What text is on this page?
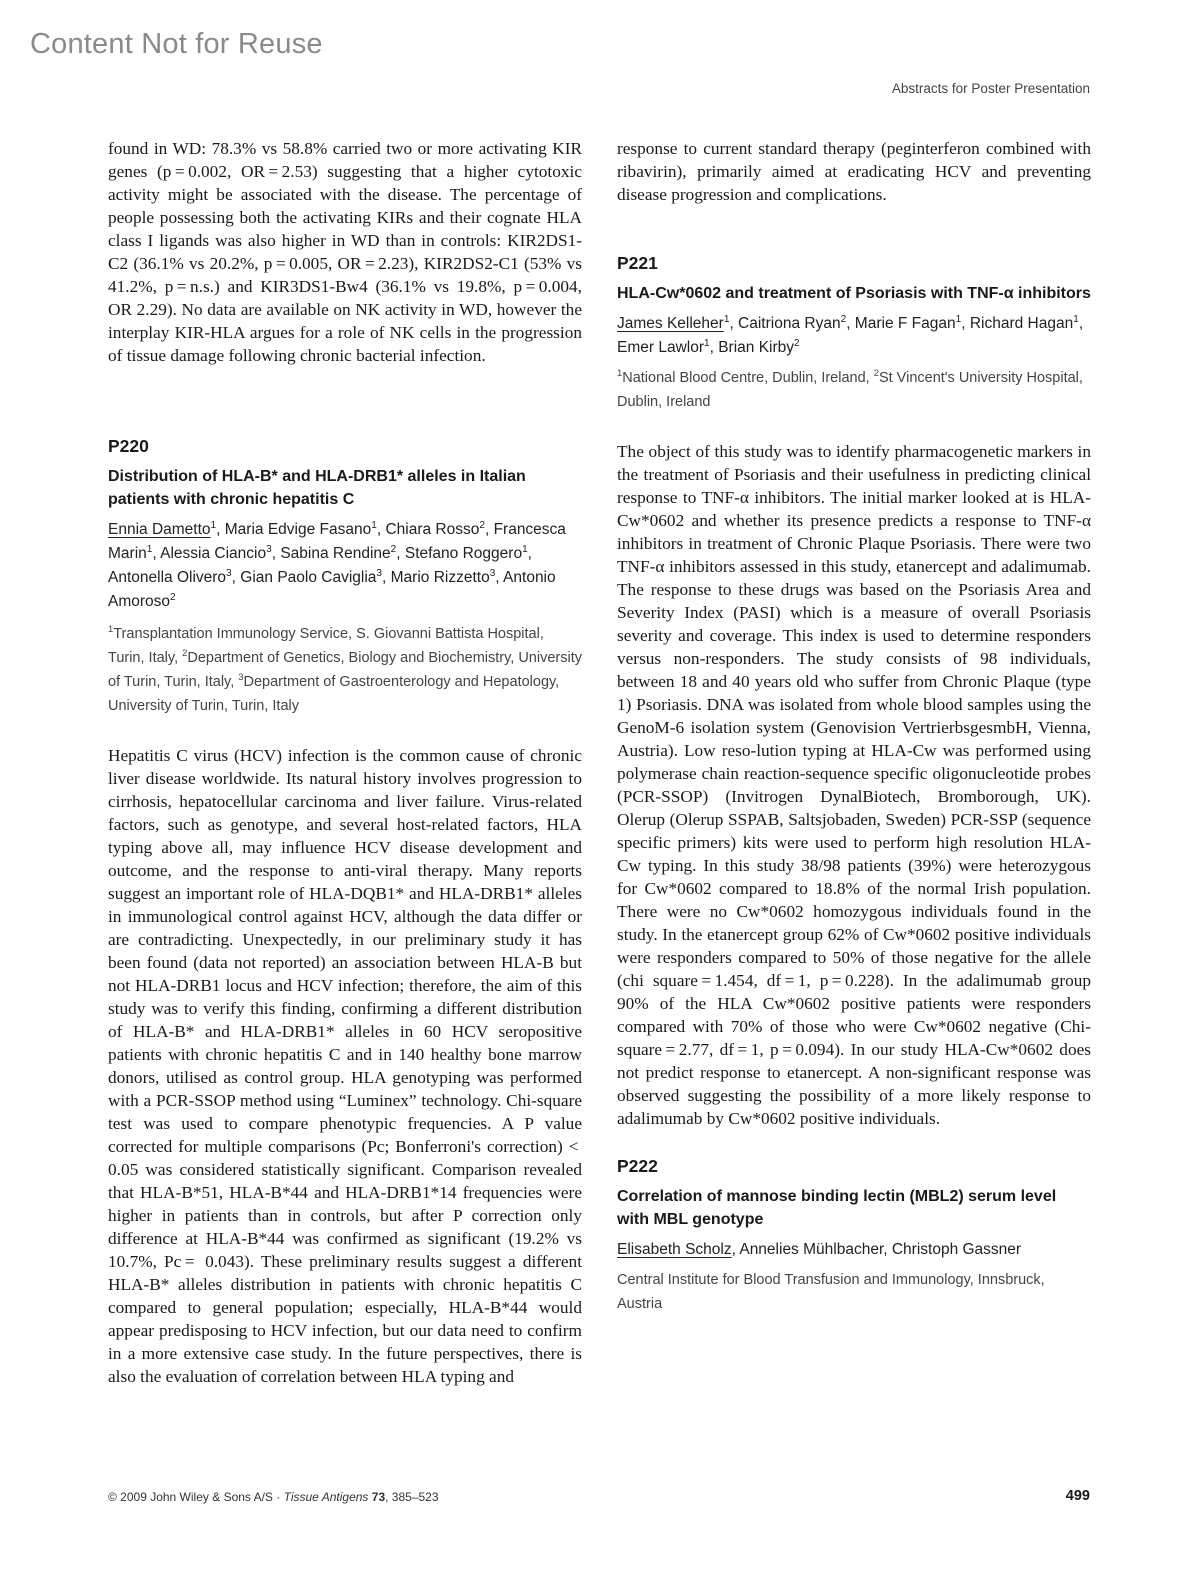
Content Not for Reuse
Abstracts for Poster Presentation

found in WD: 78.3% vs 58.8% carried two or more activating KIR genes (p = 0.002, OR = 2.53) suggesting that a higher cytotoxic activity might be associated with the disease. The percentage of people possessing both the activating KIRs and their cognate HLA class I ligands was also higher in WD than in controls: KIR2DS1-C2 (36.1% vs 20.2%, p = 0.005, OR = 2.23), KIR2DS2-C1 (53% vs 41.2%, p = n.s.) and KIR3DS1-Bw4 (36.1% vs 19.8%, p = 0.004, OR 2.29). No data are available on NK activity in WD, however the interplay KIR-HLA argues for a role of NK cells in the progression of tissue damage following chronic bacterial infection.

P220

Distribution of HLA-B* and HLA-DRB1* alleles in Italian patients with chronic hepatitis C

Ennia Dametto$^1$, Maria Edvige Fasano$^1$, Chiara Rosso$^2$, Francesca Marin$^1$, Alessia Ciancio$^3$, Sabina Rendine$^2$, Stefano Roggero$^1$, Antonella Olivero$^3$, Gian Paolo Caviglia$^3$, Mario Rizzetto$^3$, Antonio Amoroso$^2$

$^1$Transplantation Immunology Service, S. Giovanni Battista Hospital, Turin, Italy, $^2$Department of Genetics, Biology and Biochemistry, University of Turin, Turin, Italy, $^3$Department of Gastroenterology and Hepatology, University of Turin, Turin, Italy

Hepatitis C virus (HCV) infection is the common cause of chronic liver disease worldwide. Its natural history involves progression to cirrhosis, hepatocellular carcinoma and liver failure. Virus-related factors, such as genotype, and several host-related factors, HLA typing above all, may influence HCV disease development and outcome, and the response to anti-viral therapy. Many reports suggest an important role of HLA-DQB1* and HLA-DRB1* alleles in immunological control against HCV, although the data differ or are contradicting. Unexpectedly, in our preliminary study it has been found (data not reported) an association between HLA-B but not HLA-DRB1 locus and HCV infection; therefore, the aim of this study was to verify this finding, confirming a different distribution of HLA-B* and HLA-DRB1* alleles in 60 HCV seropositive patients with chronic hepatitis C and in 140 healthy bone marrow donors, utilised as control group. HLA genotyping was performed with a PCR-SSOP method using “Luminex” technology. Chi-square test was used to compare phenotypic frequencies. A P value corrected for multiple comparisons (Pc; Bonferroni's correction) < 0.05 was considered statistically significant. Comparison revealed that HLA-B*51, HLA-B*44 and HLA-DRB1*14 frequencies were higher in patients than in controls, but after P correction only difference at HLA-B*44 was confirmed as significant (19.2% vs 10.7%, Pc =  0.043). These preliminary results suggest a different HLA-B* alleles distribution in patients with chronic hepatitis C compared to general population; especially, HLA-B*44 would appear predisposing to HCV infection, but our data need to confirm in a more extensive case study. In the future perspectives, there is also the evaluation of correlation between HLA typing and

response to current standard therapy (peginterferon combined with ribavirin), primarily aimed at eradicating HCV and preventing disease progression and complications.

P221

HLA-Cw*0602 and treatment of Psoriasis with TNF-α inhibitors

James Kelleher$^1$, Caitriona Ryan$^2$, Marie F Fagan$^1$, Richard Hagan$^1$, Emer Lawlor$^1$, Brian Kirby$^2$

$^1$National Blood Centre, Dublin, Ireland, $^2$St Vincent's University Hospital, Dublin, Ireland

The object of this study was to identify pharmacogenetic markers in the treatment of Psoriasis and their usefulness in predicting clinical response to TNF-α inhibitors. The initial marker looked at is HLA-Cw*0602 and whether its presence predicts a response to TNF-α inhibitors in treatment of Chronic Plaque Psoriasis. There were two TNF-α inhibitors assessed in this study, etanercept and adalimumab. The response to these drugs was based on the Psoriasis Area and Severity Index (PASI) which is a measure of overall Psoriasis severity and coverage. This index is used to determine responders versus non-responders. The study consists of 98 individuals, between 18 and 40 years old who suffer from Chronic Plaque (type 1) Psoriasis. DNA was isolated from whole blood samples using the GenoM-6 isolation system (Genovision VertrierbsgesmbH, Vienna, Austria). Low reso-lution typing at HLA-Cw was performed using polymerase chain reaction-sequence specific oligonucleotide probes (PCR-SSOP) (Invitrogen DynalBiotech, Bromborough, UK). Olerup (Olerup SSPAB, Saltsjobaden, Sweden) PCR-SSP (sequence specific primers) kits were used to perform high resolution HLA-Cw typing. In this study 38/98 patients (39%) were heterozygous for Cw*0602 compared to 18.8% of the normal Irish population. There were no Cw*0602 homozygous individuals found in the study. In the etanercept group 62% of Cw*0602 positive individuals were responders compared to 50% of those negative for the allele (chi square = 1.454, df = 1, p = 0.228). In the adalimumab group 90% of the HLA Cw*0602 positive patients were responders compared with 70% of those who were Cw*0602 negative (Chi-square = 2.77, df = 1, p = 0.094). In our study HLA-Cw*0602 does not predict response to etanercept. A non-significant response was observed suggesting the possibility of a more likely response to adalimumab by Cw*0602 positive individuals.

P222

Correlation of mannose binding lectin (MBL2) serum level with MBL genotype

Elisabeth Scholz, Annelies Mühlbacher, Christoph Gassner

Central Institute for Blood Transfusion and Immunology, Innsbruck, Austria

© 2009 John Wiley & Sons A/S · Tissue Antigens 73, 385–523	499
